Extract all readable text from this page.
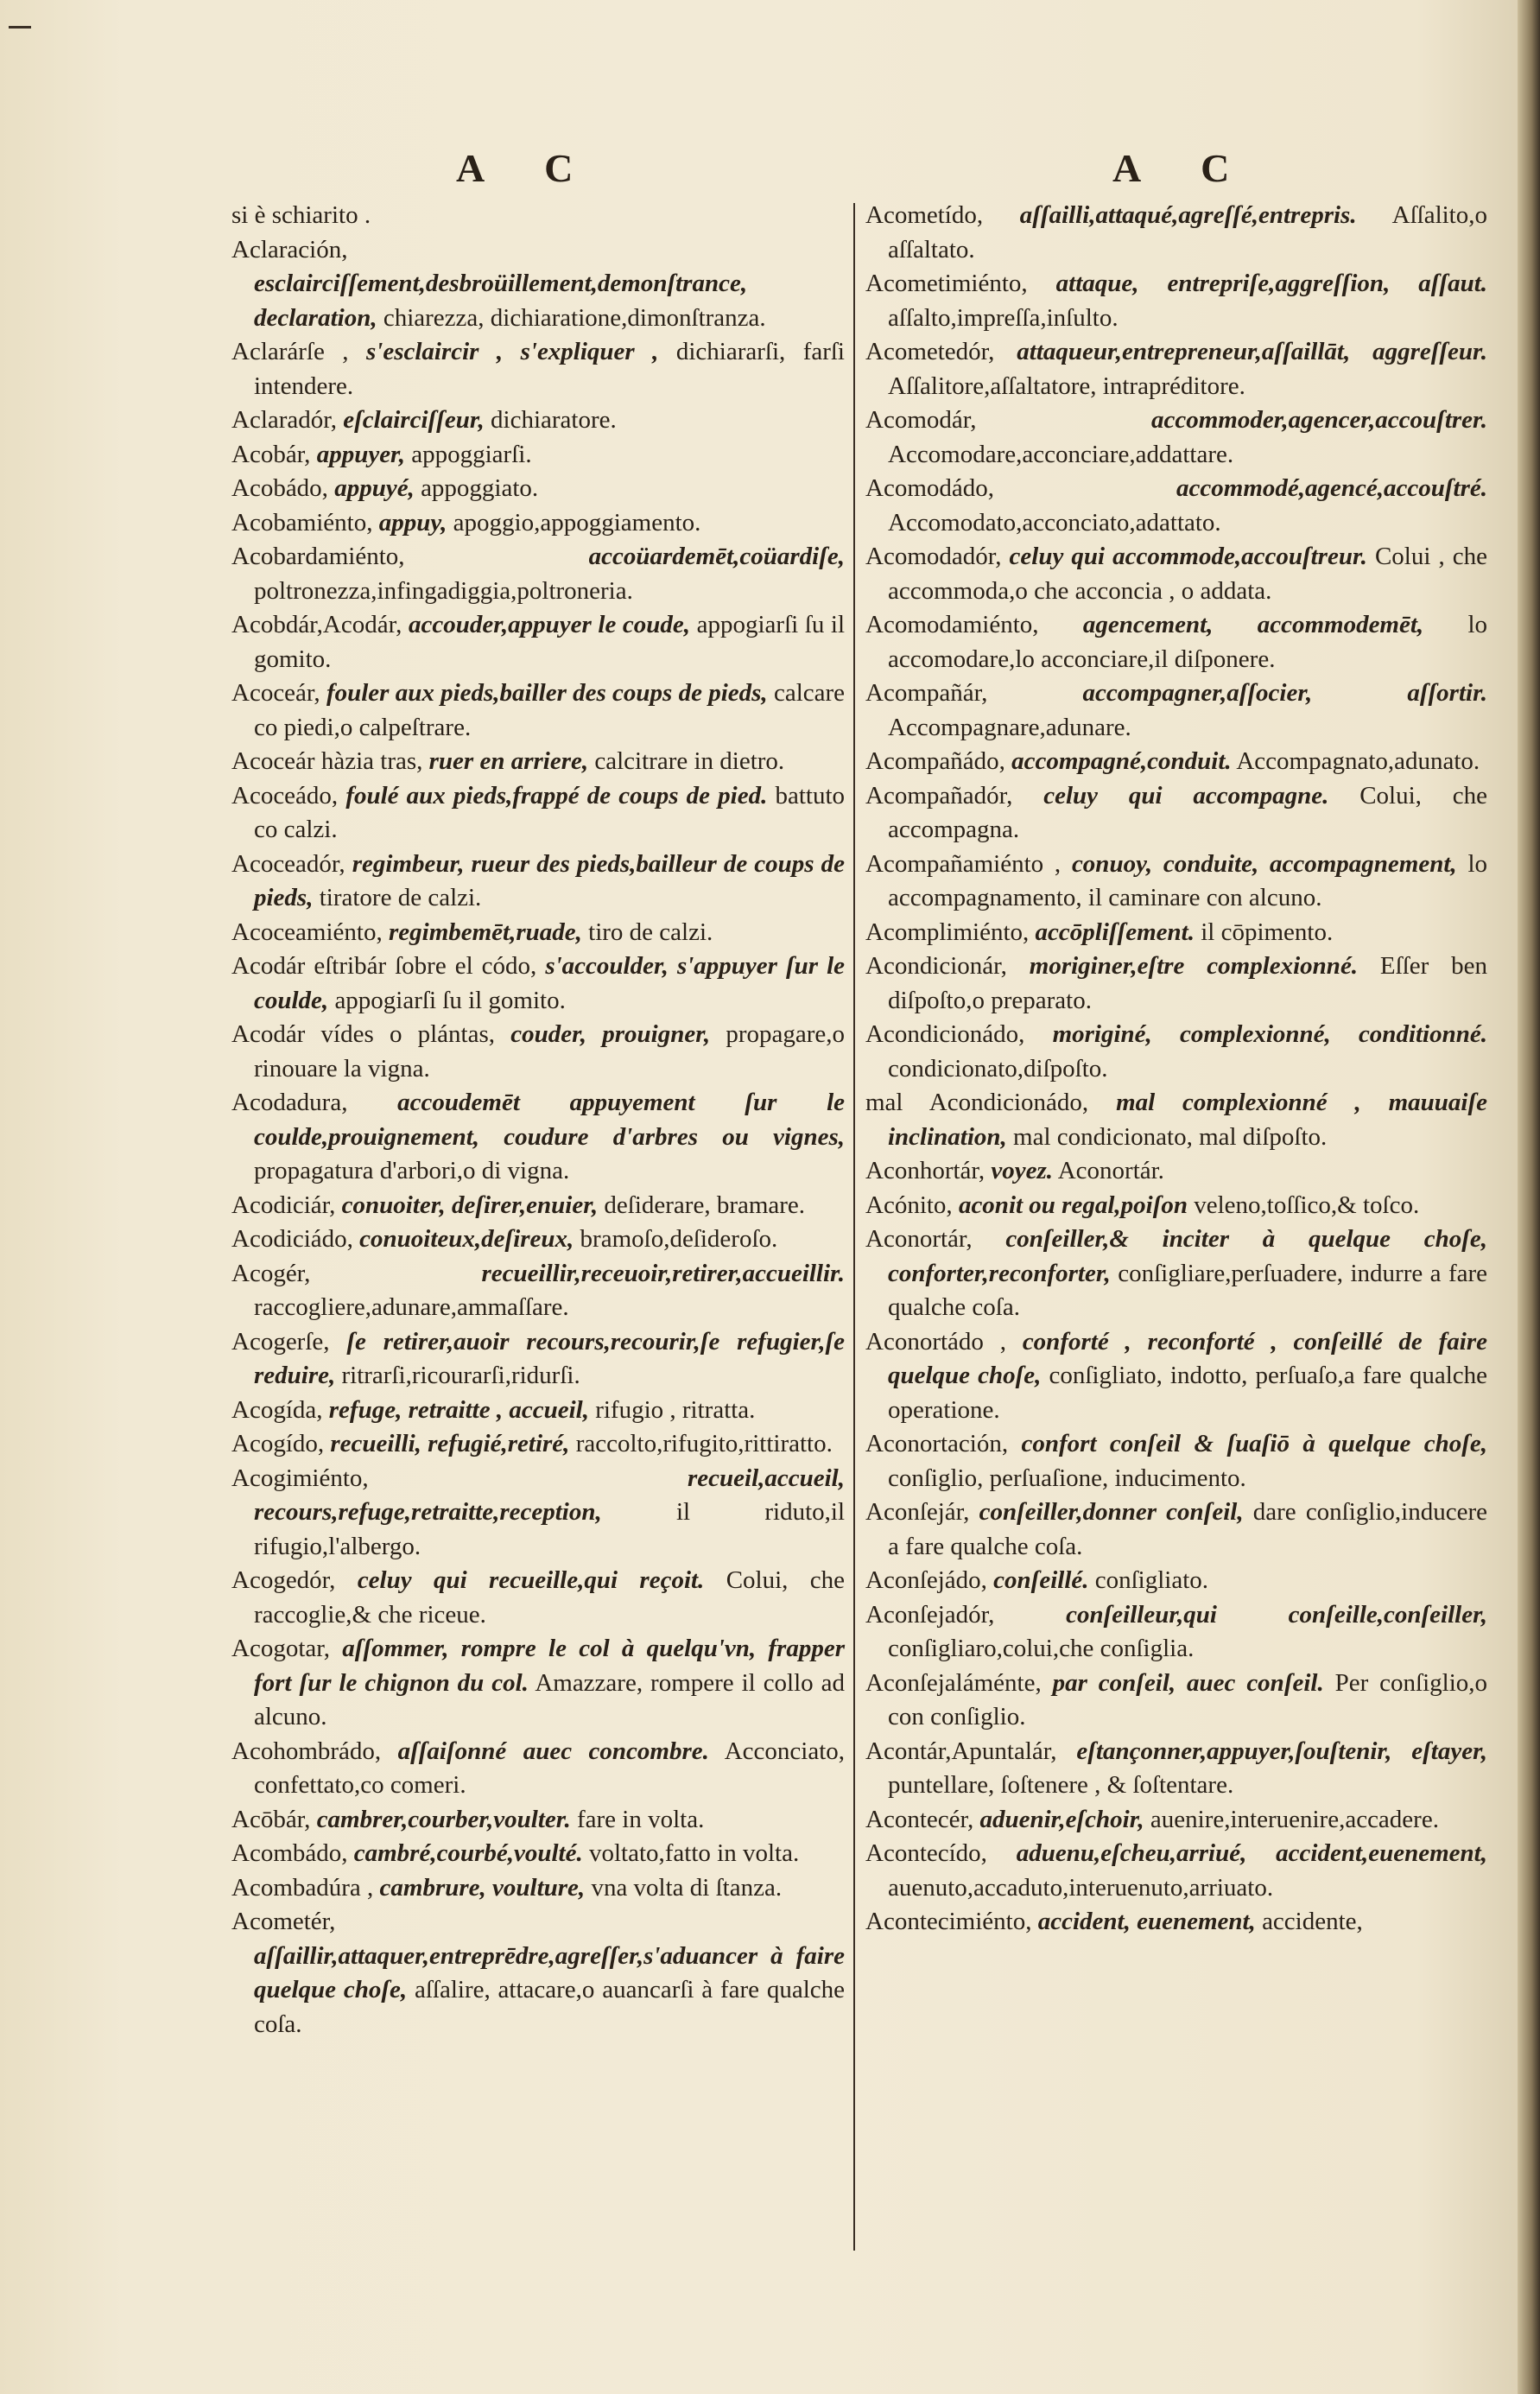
A C	A C
si è schiarito .
Aclaración, esclairciſſement,desbroüillement,demonſtrance, declaration, chiarezza, dichiaratione,dimonſtranza.
Aclarárſe , s'esclaircir , s'expliquer , dichiararſi, farſi intendere.
Aclaradór, eſclairciſſeur, dichiaratore.
Acobár, appuyer, appoggiarſi.
Acobádo, appuyé, appoggiato.
Acobamiénto, appuy, apoggio,appoggiamento.
Acobardamiénto,	accoüardemēt,coüardiſe, poltronezza,infingadiggia,poltroneria.
Acobdár,Acodár, accouder,appuyer le coude, appogiarſi ſu il gomito.
Acoceár, fouler aux pieds,bailler des coups de pieds, calcare co piedi,o calpeſtrare.
Acoceár hàzia tras, ruer en arriere, calcitrare in dietro.
Acoceádo, foulé aux pieds,frappé de coups de pied. battuto co calzi.
Acoceadór, regimbeur, rueur des pieds,bailleur de coups de pieds, tiratore de calzi.
Acoceamiénto, regimbemēt,ruade, tiro de calzi.
Acodár eſtribár ſobre el códo, s'accoulder, s'appuyer ſur le coulde, appogiarſi ſu il gomito.
Acodár vídes o plántas, couder, prouigner, propagare,o rinouare la vigna.
Acodadura, accoudemēt appuyement ſur le coulde,prouignement, coudure d'arbres ou vignes, propagatura d'arbori,o di vigna.
Acodiciár, conuoiter, deſirer,enuier, deſiderare, bramare.
Acodiciádo, conuoiteux,deſireux, bramoſo,deſideroſo.
Acogér,	recueillir,receuoir,retirer,accueillir. raccogliere,adunare,ammaſſare.
Acogerſe, ſe retirer,auoir recours,recourir,ſe refugier,ſe reduire, ritrarſi,ricourarſi,ridurſi.
Acogída, refuge, retraitte , accueil, rifugio , ritratta.
Acogído, recueilli, refugié,retiré, raccolto,rifugito,rittiratto.
Acogimiénto,	recueil,accueil, recours,refuge,retraitte,reception,	il riduto,il rifugio,l'albergo.
Acogedór, celuy qui recueille,qui reçoit. Colui, che raccoglie,& che riceue.
Acogotar, aſſommer, rompre le col à quelqu'vn, frapper fort ſur le chignon du col. Amazzare, rompere il collo ad alcuno.
Acohombrádo, aſſaiſonné auec concombre. Acconciato, confettato,co comeri.
Acōbár, cambrer,courber,voulter. fare in volta.
Acombádo, cambré,courbé,voulté. voltato,fatto in volta.
Acombadúra , cambrure, voulture, vna volta di ſtanza.
Acometér, aſſaillir,attaquer,entreprēdre,agreſſer,s'aduancer à faire quelque choſe, aſſalire, attacare,o auancarſi à fare qualche coſa.
Acometído, aſſailli,attaqué,agreſſé,entrepris. Aſſalito,o aſſaltato.
Acometimiénto, attaque, entrepriſe,aggreſſion, aſſaut. aſſalto,impreſſa,inſulto.
Acometedór, attaqueur,entrepreneur,aſſaillāt, aggreſſeur. Aſſalitore,aſſaltatore, intrapréditore.
Acomodár,	accommoder,agencer,accouſtrer. Accomodare,acconciare,addattare.
Acomodádo,	accommodé,agencé,accouſtré. Accomodato,acconciato,adattato.
Acomodadór, celuy qui accommode,accouſtreur. Colui , che accommoda,o che acconcia , o addata.
Acomodamiénto, agencement, accommodemēt, lo accomodare,lo acconciare,il diſponere.
Acompañár,	accompagner,aſſocier, aſſortir. Accompagnare,adunare.
Acompañádo, accompagné,conduit. Accompagnato,adunato.
Acompañadór, celuy qui accompagne. Colui, che accompagna.
Acompañamiénto , conuoy, conduite, accompagnement, lo accompagnamento, il caminare con alcuno.
Acomplimiénto, accōpliſſement. il cōpimento.
Acondicionár, moriginer,eſtre complexionné. Eſſer ben diſpoſto,o preparato.
Acondicionádo, moriginé, complexionné, conditionné. condicionato,diſpoſto.
mal Acondicionádo, mal complexionné , mauuaiſe inclination, mal condicionato, mal diſpoſto.
Aconhortár, voyez. Aconortár.
Acónito, aconit ou regal,poiſon veleno,toſſico,& toſco.
Aconortár, conſeiller,& inciter à quelque choſe, conforter,reconforter, conſigliare,perſuadere, indurre a fare qualche coſa.
Aconortádo , conforté , reconforté , conſeillé de faire quelque choſe, conſigliato, indotto, perſuaſo,a fare qualche operatione.
Aconortación, confort conſeil & ſuaſiō à quelque choſe, conſiglio, perſuaſione, inducimento.
Aconſejár, conſeiller,donner conſeil, dare conſiglio,inducere a fare qualche coſa.
Aconſejádo, conſeillé. conſigliato.
Aconſejadór,	conſeilleur,qui conſeille,conſeiller, conſigliaro,colui,che conſiglia.
Aconſejaláménte, par conſeil, auec conſeil. Per conſiglio,o con conſiglio.
Acontár,Apuntalár, eſtançonner,appuyer,ſouſtenir, eſtayer, puntellare, ſoſtenere , & ſoſtentare.
Acontecér, aduenir,eſchoir, auenire,interuenire,accadere.
Acontecído, aduenu,eſcheu,arriué, accident,euenement, auenuto,accaduto,interuenuto,arriuato.
Acontecimiénto, accident, euenement, accidente,
